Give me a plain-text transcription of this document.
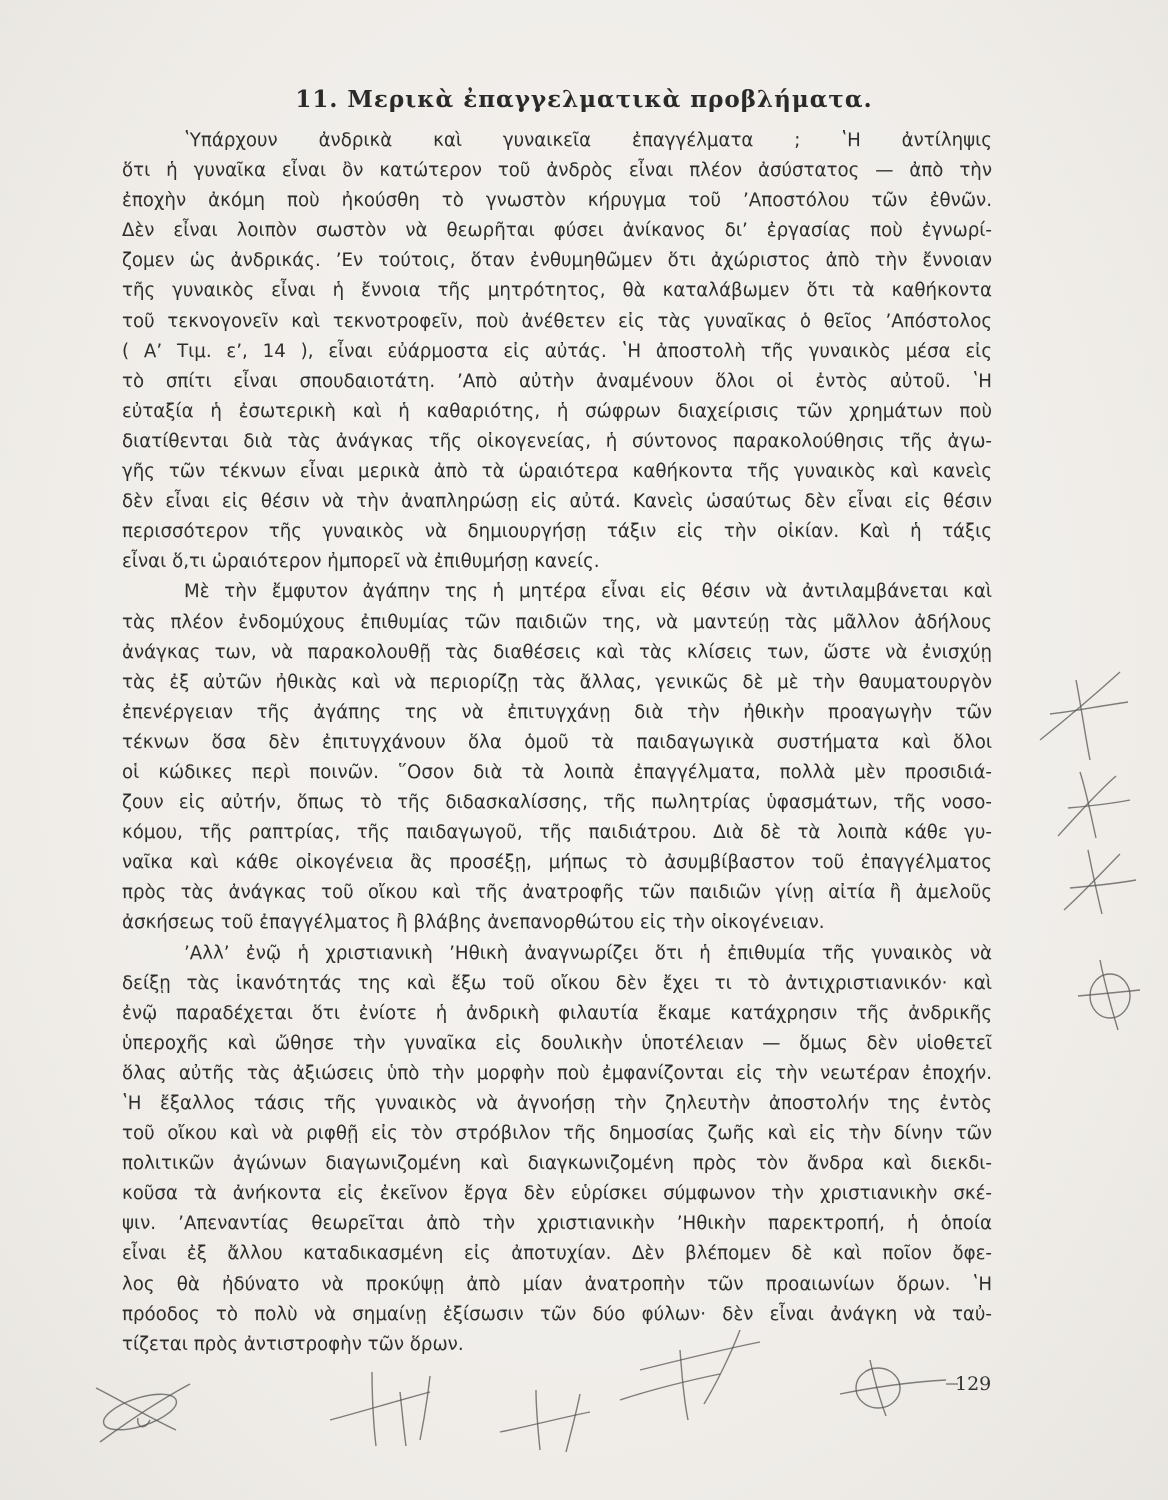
11. Μερικὰ ἐπαγγελματικὰ προβλήματα.

ʽΥπάρχουν ἀνδρικὰ καὶ γυναικεῖα ἐπαγγέλματα ; ʽΗ ἀντίληψις
ὅτι ἡ γυναῖκα εἶναι ὂν κατώτερον τοῦ ἀνδρὸς εἶναι πλέον ἀσύστατος — ἀπὸ τὴν
ἐποχὴν ἀκόμη ποὺ ἠκούσθη τὸ γνωστὸν κήρυγμα τοῦ ’Αποστόλου τῶν ἐθνῶν.
Δὲν εἶναι λοιπὸν σωστὸν νὰ θεωρῆται φύσει ἀνίκανος δι’ ἐργασίας ποὺ ἐγνωρί-
ζομεν ὡς ἀνδρικάς. ’Εν τούτοις, ὅταν ἐνθυμηθῶμεν ὅτι ἀχώριστος ἀπὸ τὴν ἔννοιαν
τῆς γυναικὸς εἶναι ἡ ἔννοια τῆς μητρότητος, θὰ καταλάβωμεν ὅτι τὰ καθήκοντα
τοῦ τεκνογονεῖν καὶ τεκνοτροφεῖν, ποὺ ἀνέθετεν εἰς τὰς γυναῖκας ὁ θεῖος ’Απόστολος
( Α’ Τιμ. ε’, 14 ), εἶναι εὐάρμοστα εἰς αὐτάς. ʽΗ ἀποστολὴ τῆς γυναικὸς μέσα εἰς
τὸ σπίτι εἶναι σπουδαιοτάτη. ’Απὸ αὐτὴν ἀναμένουν ὅλοι οἱ ἐντὸς αὐτοῦ. ʽΗ
εὐταξία ἡ ἐσωτερικὴ καὶ ἡ καθαριότης, ἡ σώφρων διαχείρισις τῶν χρημάτων ποὺ
διατίθενται διὰ τὰς ἀνάγκας τῆς οἰκογενείας, ἡ σύντονος παρακολούθησις τῆς ἀγω-
γῆς τῶν τέκνων εἶναι μερικὰ ἀπὸ τὰ ὡραιότερα καθήκοντα τῆς γυναικὸς καὶ κανεὶς
δὲν εἶναι εἰς θέσιν νὰ τὴν ἀναπληρώσῃ εἰς αὐτά. Κανεὶς ὡσαύτως δὲν εἶναι εἰς θέσιν
περισσότερον τῆς γυναικὸς νὰ δημιουργήσῃ τάξιν εἰς τὴν οἰκίαν. Καὶ ἡ τάξις
εἶναι ὅ,τι ὡραιότερον ἠμπορεῖ νὰ ἐπιθυμήσῃ κανείς.

Μὲ τὴν ἔμφυτον ἀγάπην της ἡ μητέρα εἶναι εἰς θέσιν νὰ ἀντιλαμβάνεται καὶ
τὰς πλέον ἐνδομύχους ἐπιθυμίας τῶν παιδιῶν της, νὰ μαντεύῃ τὰς μᾶλλον ἀδήλους
ἀνάγκας των, νὰ παρακολουθῇ τὰς διαθέσεις καὶ τὰς κλίσεις των, ὥστε νὰ ἐνισχύῃ
τὰς ἐξ αὐτῶν ἠθικὰς καὶ νὰ περιορίζῃ τὰς ἄλλας, γενικῶς δὲ μὲ τὴν θαυματουργὸν
ἐπενέργειαν τῆς ἀγάπης της νὰ ἐπιτυγχάνῃ διὰ τὴν ἠθικὴν προαγωγὴν τῶν
τέκνων ὅσα δὲν ἐπιτυγχάνουν ὅλα ὁμοῦ τὰ παιδαγωγικὰ συστήματα καὶ ὅλοι
οἱ κώδικες περὶ ποινῶν. ῞Οσον διὰ τὰ λοιπὰ ἐπαγγέλματα, πολλὰ μὲν προσιδιά-
ζουν εἰς αὐτήν, ὅπως τὸ τῆς διδασκαλίσσης, τῆς πωλητρίας ὑφασμάτων, τῆς νοσο-
κόμου, τῆς ραπτρίας, τῆς παιδαγωγοῦ, τῆς παιδιάτρου. Διὰ δὲ τὰ λοιπὰ κάθε γυ-
ναῖκα καὶ κάθε οἰκογένεια ἂς προσέξῃ, μήπως τὸ ἀσυμβίβαστον τοῦ ἐπαγγέλματος
πρὸς τὰς ἀνάγκας τοῦ οἴκου καὶ τῆς ἀνατροφῆς τῶν παιδιῶν γίνῃ αἰτία ἢ ἀμελοῦς
ἀσκήσεως τοῦ ἐπαγγέλματος ἢ βλάβης ἀνεπανορθώτου εἰς τὴν οἰκογένειαν.

’Αλλ’ ἐνῷ ἡ χριστιανικὴ ’Ηθικὴ ἀναγνωρίζει ὅτι ἡ ἐπιθυμία τῆς γυναικὸς νὰ
δείξῃ τὰς ἱκανότητάς της καὶ ἔξω τοῦ οἴκου δὲν ἔχει τι τὸ ἀντιχριστιανικόν· καὶ
ἐνῷ παραδέχεται ὅτι ἐνίοτε ἡ ἀνδρικὴ φιλαυτία ἔκαμε κατάχρησιν τῆς ἀνδρικῆς
ὑπεροχῆς καὶ ὤθησε τὴν γυναῖκα εἰς δουλικὴν ὑποτέλειαν — ὅμως δὲν υἱοθετεῖ
ὅλας αὐτῆς τὰς ἀξιώσεις ὑπὸ τὴν μορφὴν ποὺ ἐμφανίζονται εἰς τὴν νεωτέραν ἐποχήν.
ʽΗ ἔξαλλος τάσις τῆς γυναικὸς νὰ ἀγνοήσῃ τὴν ζηλευτὴν ἀποστολήν της ἐντὸς
τοῦ οἴκου καὶ νὰ ριφθῇ εἰς τὸν στρόβιλον τῆς δημοσίας ζωῆς καὶ εἰς τὴν δίνην τῶν
πολιτικῶν ἀγώνων διαγωνιζομένη καὶ διαγκωνιζομένη πρὸς τὸν ἄνδρα καὶ διεκδι-
κοῦσα τὰ ἀνήκοντα εἰς ἐκεῖνον ἔργα δὲν εὑρίσκει σύμφωνον τὴν χριστιανικὴν σκέ-
ψιν. ’Απεναντίας θεωρεῖται ἀπὸ τὴν χριστιανικὴν ’Ηθικὴν παρεκτροπή, ἡ ὁποία
εἶναι ἐξ ἄλλου καταδικασμένη εἰς ἀποτυχίαν. Δὲν βλέπομεν δὲ καὶ ποῖον ὄφε-
λος θὰ ἠδύνατο νὰ προκύψῃ ἀπὸ μίαν ἀνατροπὴν τῶν προαιωνίων ὅρων. ʽΗ
πρόοδος τὸ πολὺ νὰ σημαίνῃ ἐξίσωσιν τῶν δύο φύλων· δὲν εἶναι ἀνάγκη νὰ ταὐ-
τίζεται πρὸς ἀντιστροφὴν τῶν ὅρων.

129
